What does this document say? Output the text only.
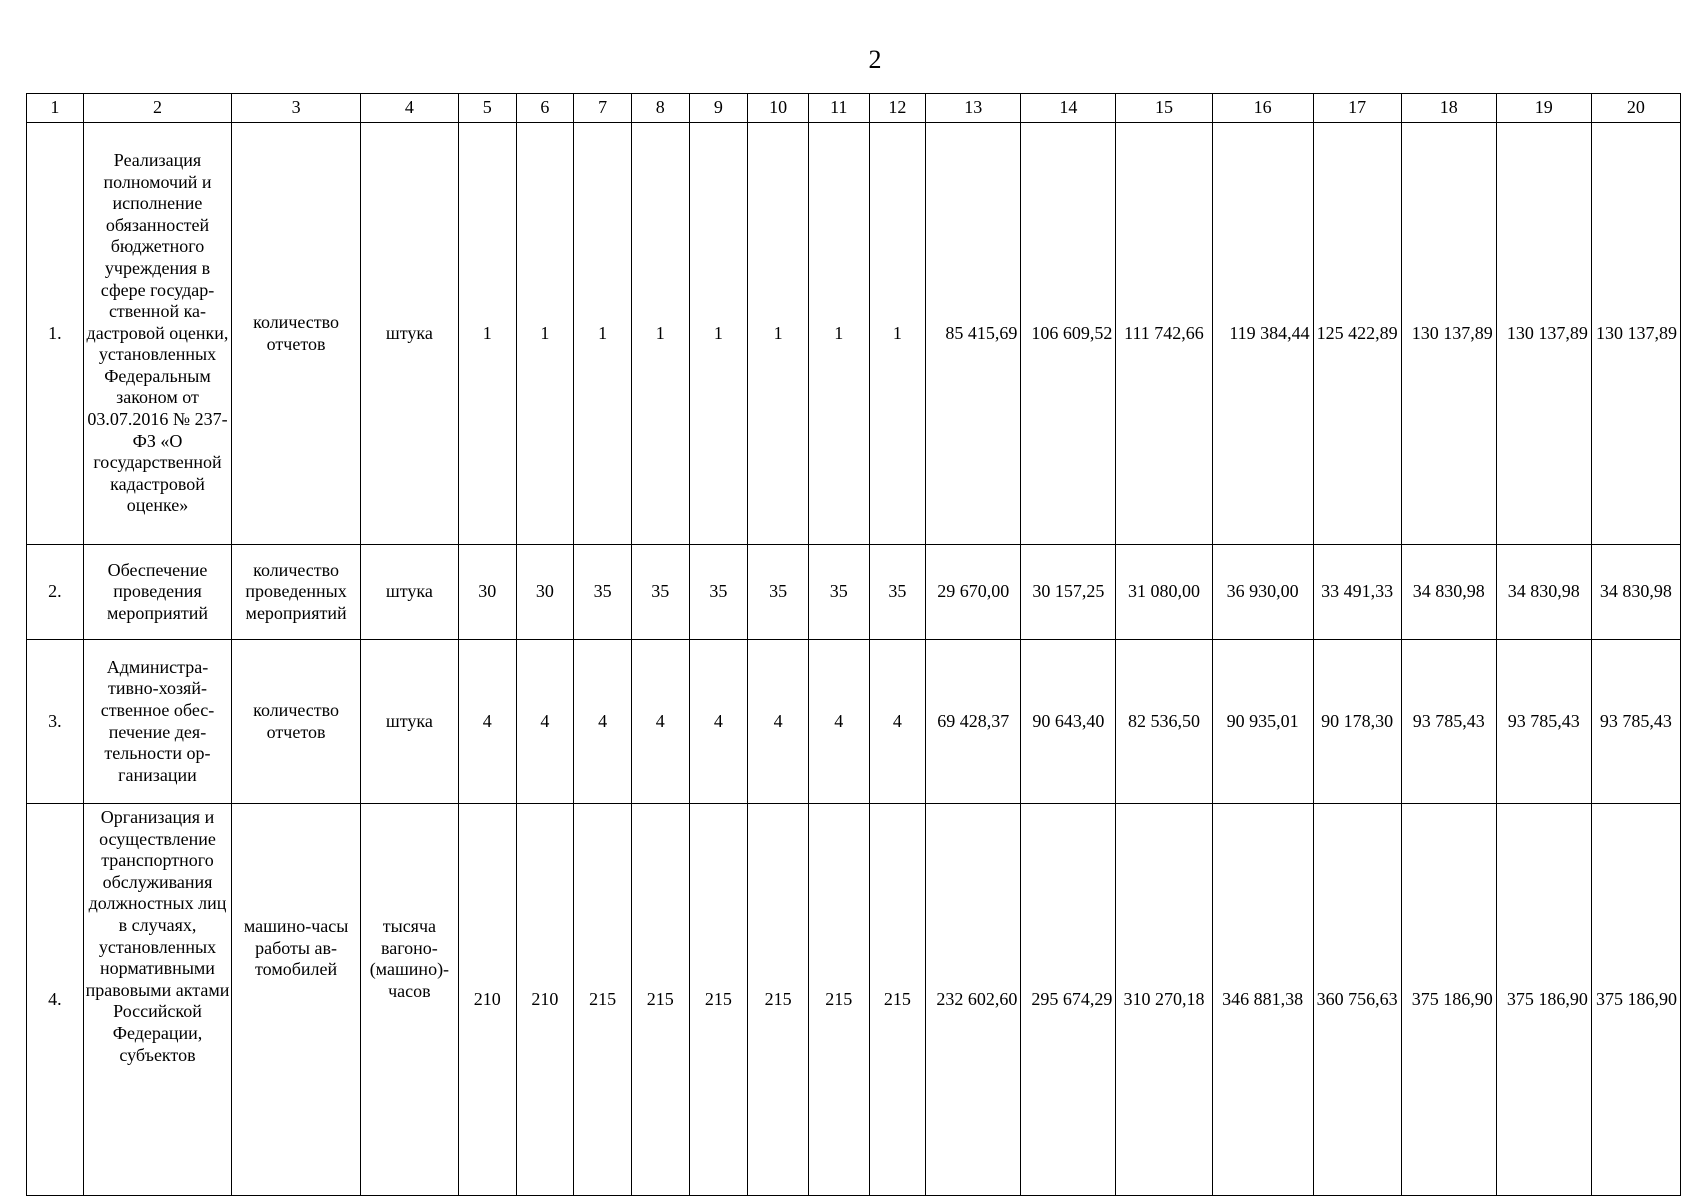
2
1	2	3	4	5	6	7	8	9	10	11	12	13	14	15	16	17	18	19	20
1.	Реализация полномочий и исполнение обязанностей бюджетного учреждения в сфере государственной кадастровой оценки, установленных Федеральным законом от 03.07.2016 № 237-ФЗ «О государственной кадастровой оценке»	количество отчетов	штука	1	1	1	1	1	1	1	1	85 415,69	106 609,52	111 742,66	119 384,44	125 422,89	130 137,89	130 137,89	130 137,89
2.	Обеспечение проведения мероприятий	количество проведенных мероприятий	штука	30	30	35	35	35	35	35	35	29 670,00	30 157,25	31 080,00	36 930,00	33 491,33	34 830,98	34 830,98	34 830,98
3.	Административно-хозяйственное обеспечение деятельности организации	количество отчетов	штука	4	4	4	4	4	4	4	4	69 428,37	90 643,40	82 536,50	90 935,01	90 178,30	93 785,43	93 785,43	93 785,43
4.	Организация и осуществление транспортного обслуживания должностных лиц в случаях, установленных нормативными правовыми актами Российской Федерации, субъектов	машино-часы работы автомобилей	тысяча вагоно-(машино)-часов	210	210	215	215	215	215	215	215	232 602,60	295 674,29	310 270,18	346 881,38	360 756,63	375 186,90	375 186,90	375 186,90
